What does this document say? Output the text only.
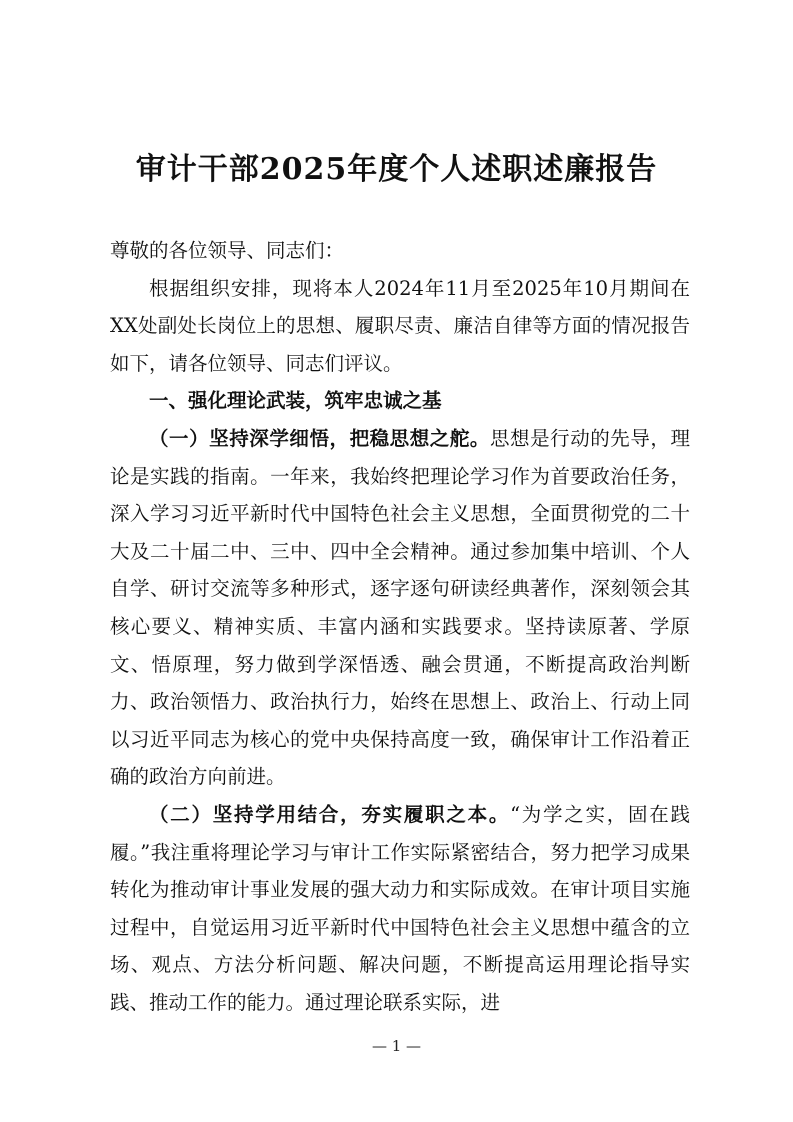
审计干部2025年度个人述职述廉报告

尊敬的各位领导、同志们：

根据组织安排，现将本人2024年11月至2025年10月期间在XX处副处长岗位上的思想、履职尽责、廉洁自律等方面的情况报告如下，请各位领导、同志们评议。

一、强化理论武装，筑牢忠诚之基

（一）坚持深学细悟，把稳思想之舵。思想是行动的先导，理论是实践的指南。一年来，我始终把理论学习作为首要政治任务，深入学习习近平新时代中国特色社会主义思想，全面贯彻党的二十大及二十届二中、三中、四中全会精神。通过参加集中培训、个人自学、研讨交流等多种形式，逐字逐句研读经典著作，深刻领会其核心要义、精神实质、丰富内涵和实践要求。坚持读原著、学原文、悟原理，努力做到学深悟透、融会贯通，不断提高政治判断力、政治领悟力、政治执行力，始终在思想上、政治上、行动上同以习近平同志为核心的党中央保持高度一致，确保审计工作沿着正确的政治方向前进。

（二）坚持学用结合，夯实履职之本。“为学之实，固在践履。”我注重将理论学习与审计工作实际紧密结合，努力把学习成果转化为推动审计事业发展的强大动力和实际成效。在审计项目实施过程中，自觉运用习近平新时代中国特色社会主义思想中蕴含的立场、观点、方法分析问题、解决问题，不断提高运用理论指导实践、推动工作的能力。通过理论联系实际，进

— 1 —
